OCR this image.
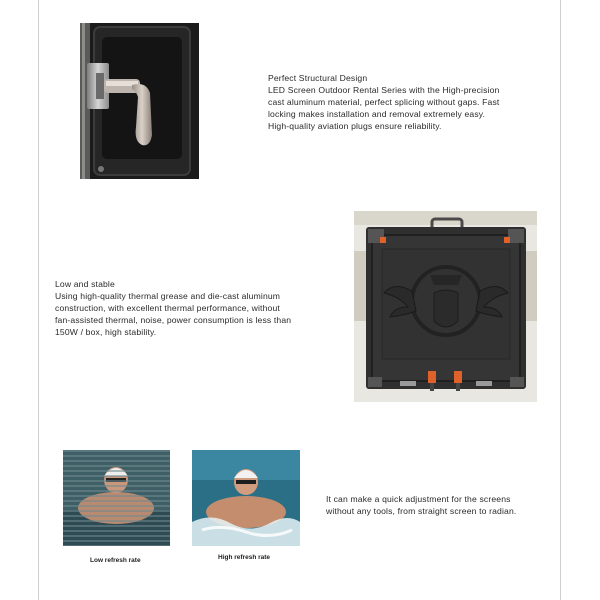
Perfect Structural Design
LED Screen Outdoor Rental Series with the High-precision
cast aluminum material, perfect splicing without gaps. Fast
locking makes installation and removal extremely easy.
High-quality aviation plugs ensure reliability.
Low and stable
Using high-quality thermal grease and die-cast aluminum
construction, with excellent thermal performance, without
fan-assisted thermal, noise, power consumption is less than
150W / box, high stability.
Low refresh rate	High refresh rate
It can make a quick adjustment for the screens
without any tools, from straight screen to radian.
